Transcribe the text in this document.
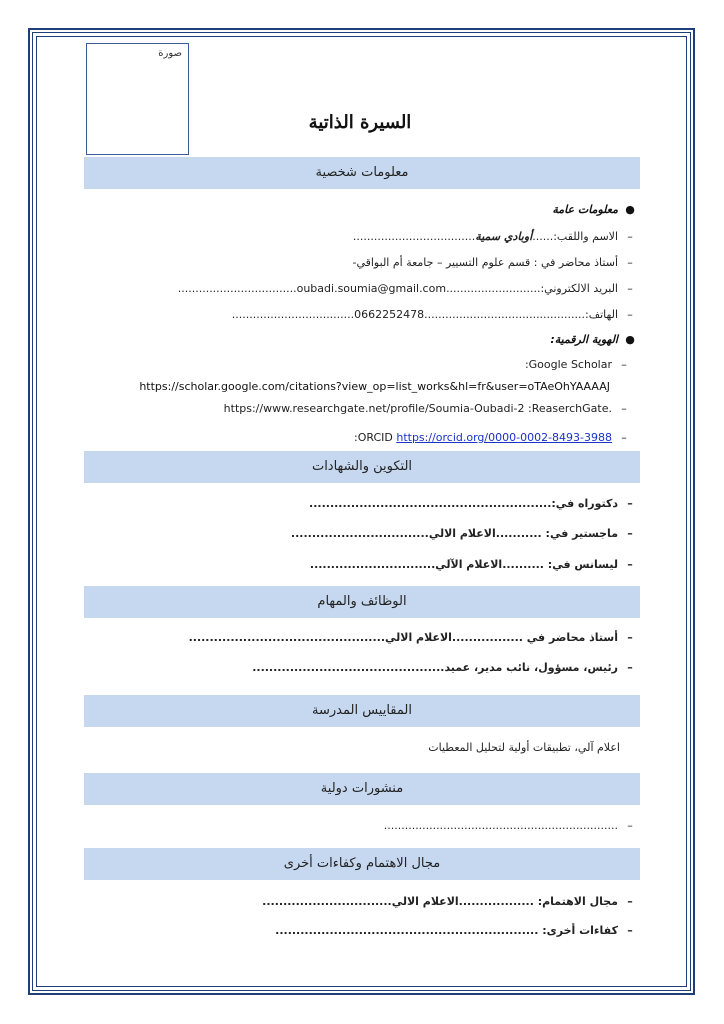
صورة
السيرة الذاتية
معلومات شخصية
●معلومات عامة
–الاسم واللقب:......أوبادي سمية...................................
–أستاذ محاضر في : قسم علوم التسيير – جامعة أم البواقي-
–البريد الالكتروني:...........................oubadi.soumia@gmail.com..................................
–الهاتف:..............................................0662252478...................................
●الهوية الرقمية:
–:Google Scholar
https://scholar.google.com/citations?view_op=list_works&hl=fr&user=oTAeOhYAAAAJ
–https://www.researchgate.net/profile/Soumia-Oubadi-2 :ReaserchGate.
–:ORCID https://orcid.org/0000-0002-8493-3988
التكوين والشهادات
–دكتوراه في:..........................................................
–ماجستير في: ...........الاعلام الالي.................................
–ليسانس في: ..........الاعلام الآلي..............................
الوظائف والمهام
–أستاذ محاضر في .................الاعلام الالي...............................................
–رئيس، مسؤول، نائب مدير، عميد..............................................
المقاييس المدرسة
اعلام آلي، تطبيقات أولية لتحليل المعطيات
منشورات دولية
–...................................................................
مجال الاهتمام وكفاءات أخرى
–مجال الاهتمام: ..................الاعلام الالي...............................
–كفاءات أخرى: ...............................................................
